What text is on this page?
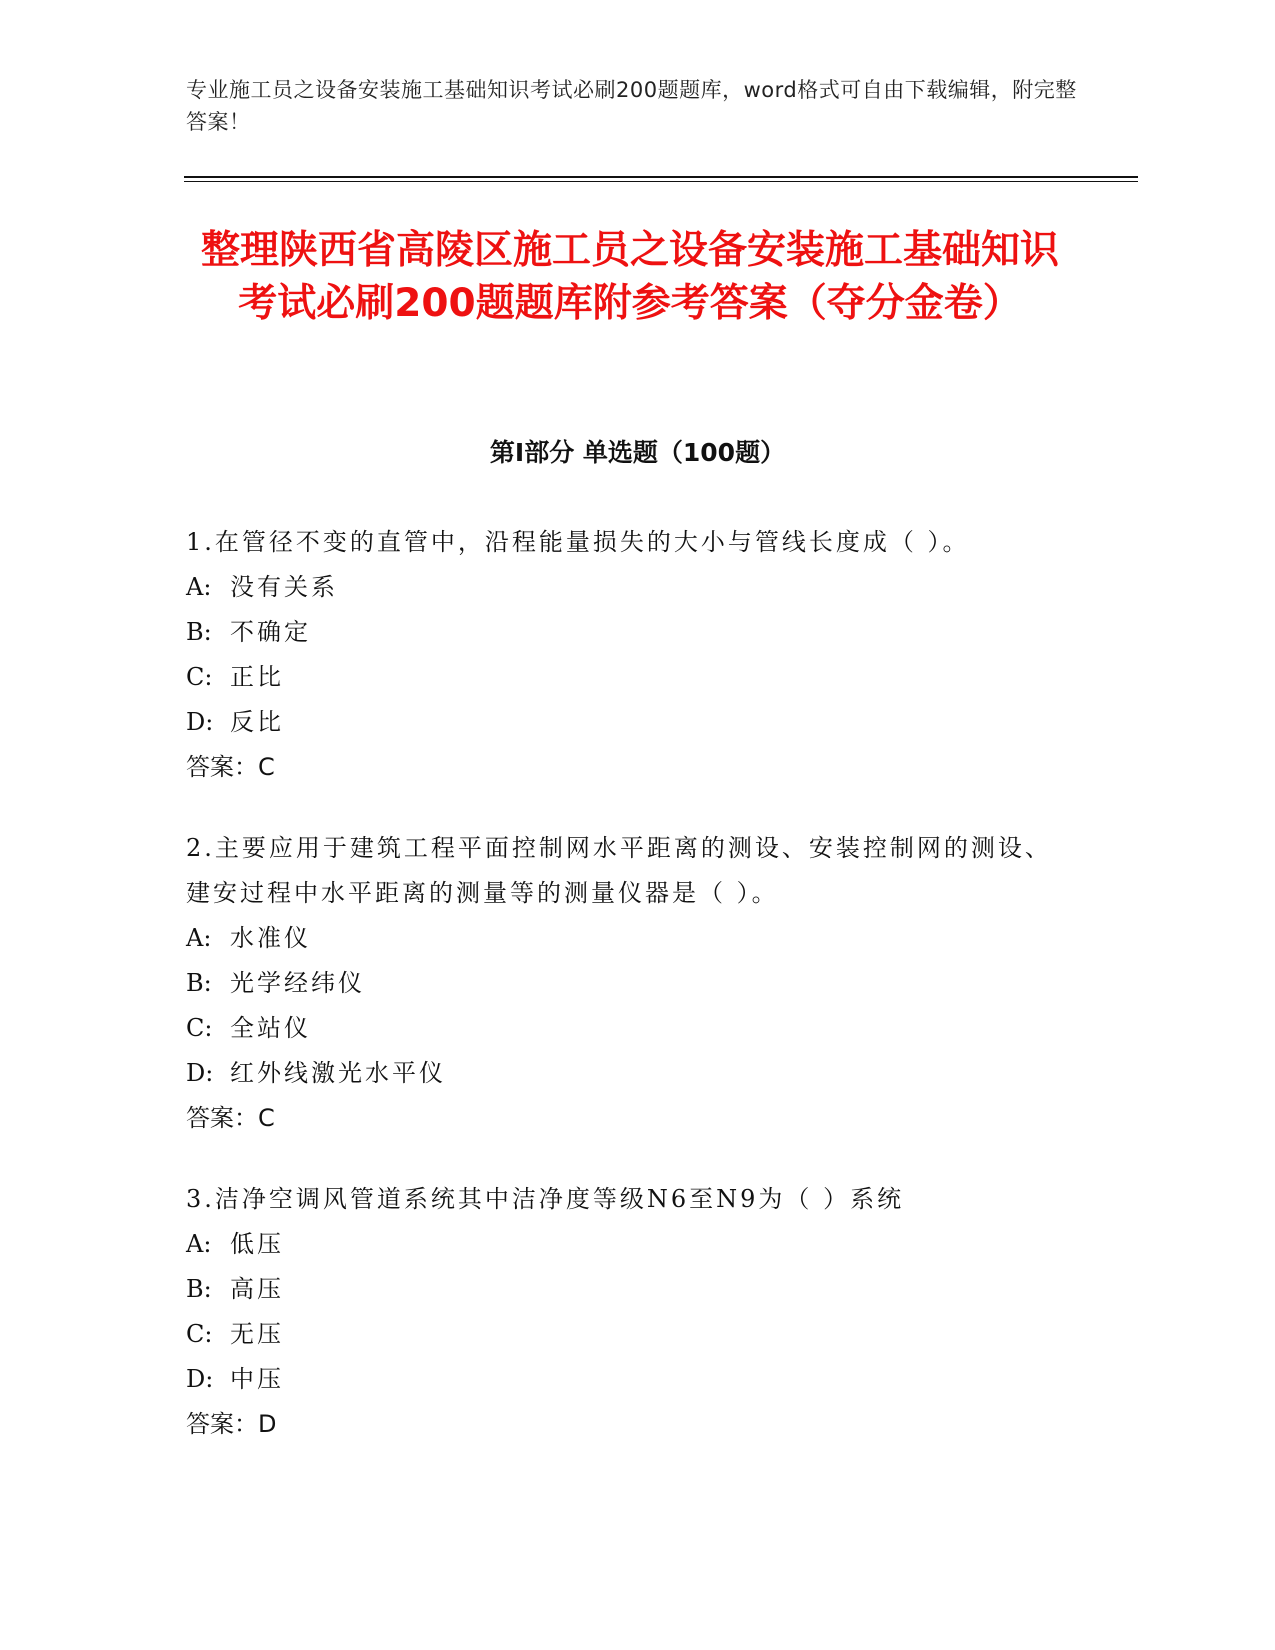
专业施工员之设备安装施工基础知识考试必刷200题题库，word格式可自由下载编辑，附完整答案！
整理陕西省高陵区施工员之设备安装施工基础知识考试必刷200题题库附参考答案（夺分金卷）
第Ⅰ部分 单选题（100题）
1.在管径不变的直管中，沿程能量损失的大小与管线长度成（ ）。
A: 没有关系
B: 不确定
C: 正比
D: 反比
答案：C
2.主要应用于建筑工程平面控制网水平距离的测设、安装控制网的测设、建安过程中水平距离的测量等的测量仪器是（ ）。
A: 水准仪
B: 光学经纬仪
C: 全站仪
D: 红外线激光水平仪
答案：C
3.洁净空调风管道系统其中洁净度等级N6至N9为（ ）系统
A: 低压
B: 高压
C: 无压
D: 中压
答案：D
